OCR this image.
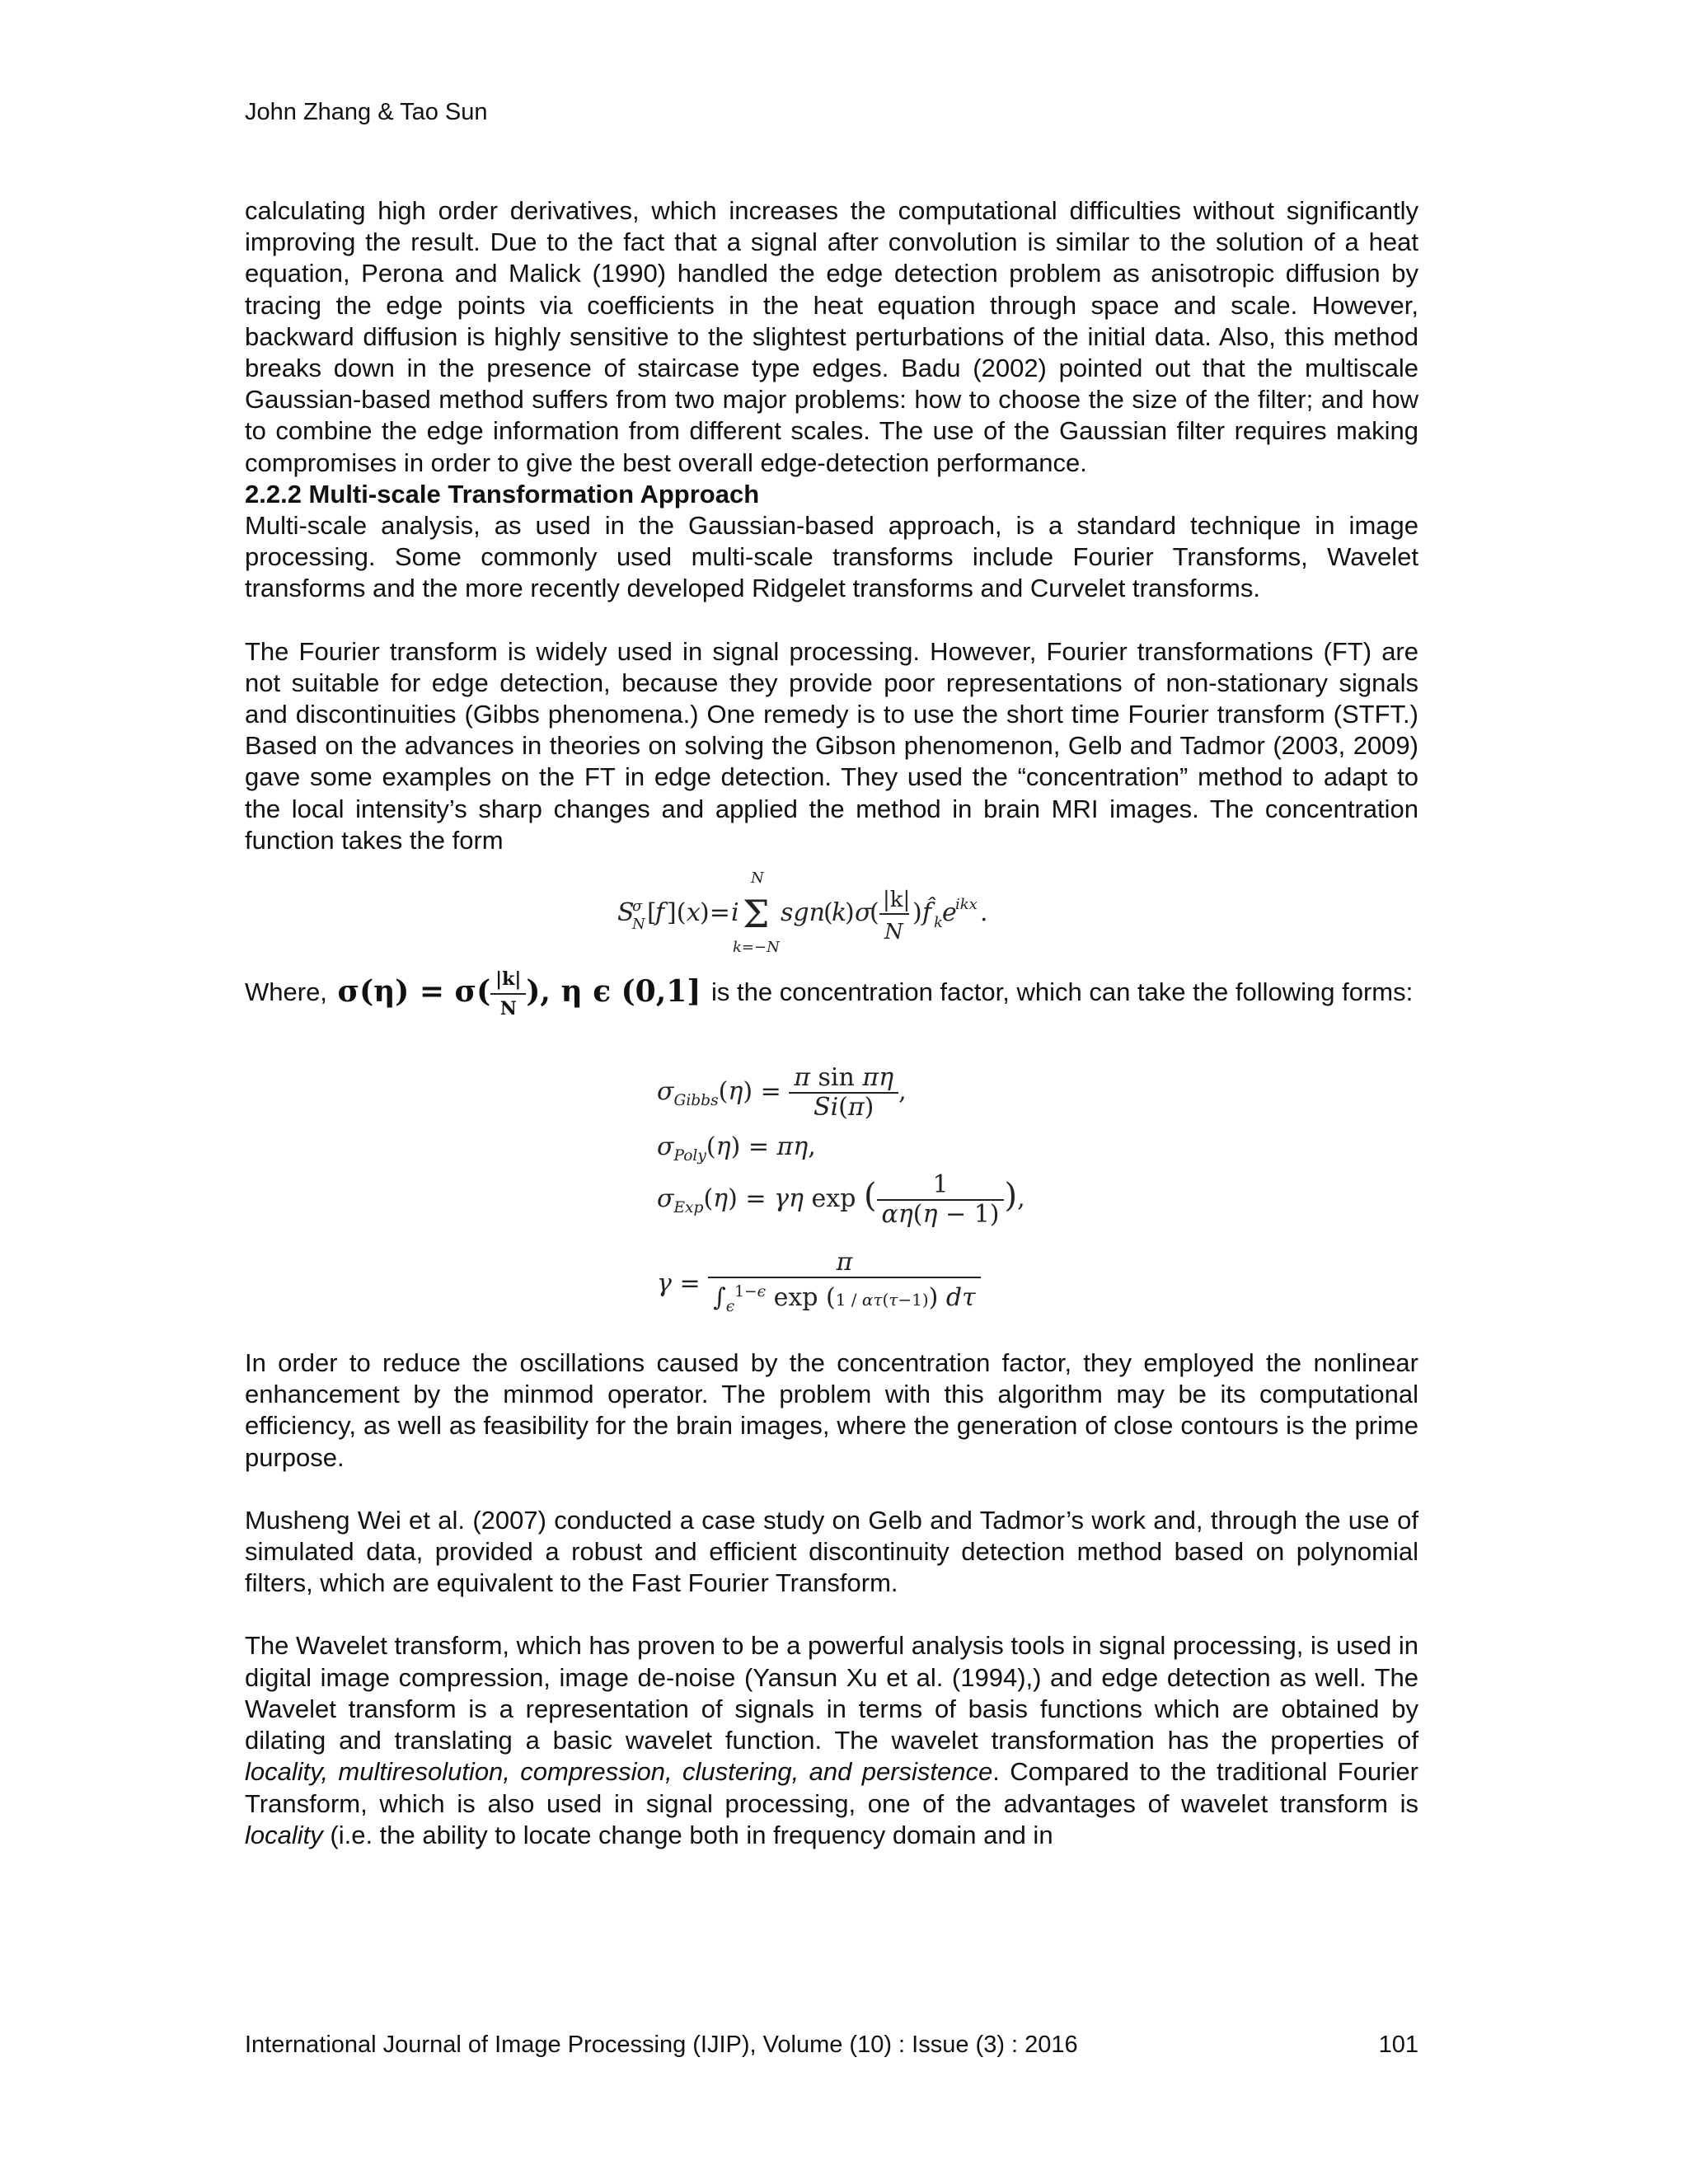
John Zhang & Tao Sun

calculating high order derivatives, which increases the computational difficulties without significantly improving the result. Due to the fact that a signal after convolution is similar to the solution of a heat equation, Perona and Malick (1990) handled the edge detection problem as anisotropic diffusion by tracing the edge points via coefficients in the heat equation through space and scale. However, backward diffusion is highly sensitive to the slightest perturbations of the initial data. Also, this method breaks down in the presence of staircase type edges. Badu (2002) pointed out that the multiscale Gaussian-based method suffers from two major problems: how to choose the size of the filter; and how to combine the edge information from different scales. The use of the Gaussian filter requires making compromises in order to give the best overall edge-detection performance.

2.2.2 Multi-scale Transformation Approach

Multi-scale analysis, as used in the Gaussian-based approach, is a standard technique in image processing. Some commonly used multi-scale transforms include Fourier Transforms, Wavelet transforms and the more recently developed Ridgelet transforms and Curvelet transforms.

The Fourier transform is widely used in signal processing. However, Fourier transformations (FT) are not suitable for edge detection, because they provide poor representations of non-stationary signals and discontinuities (Gibbs phenomena.) One remedy is to use the short time Fourier transform (STFT.) Based on the advances in theories on solving the Gibson phenomenon, Gelb and Tadmor (2003, 2009) gave some examples on the FT in edge detection. They used the “concentration” method to adapt to the local intensity’s sharp changes and applied the method in brain MRI images. The concentration function takes the form

S
σ
N [
f ]( x )= i Σ
N
k=−N
sgn
(
k
) σ
( |k|
N
) f̂ k e
ikx .

Where, $\sigma(\eta) = \sigma( \frac{|k|}{N}$ ), η ϵ (0,1] is the concentration factor, which can take the following forms:

$\sigma_{Gibbs}(\eta) = \frac{\text{π sin πη}}{Si(\pi)}$ ,
$\sigma_{Poly}(\eta) = \pi\eta$,
$\sigma_{Exp}(\eta) = \gamma\eta$ exp ( $\frac{1}{\alpha\eta(\eta - 1)}$ ),
$\gamma = \frac{\pi}{\int_\epsilon^{1-\epsilon} \exp (1 / \alpha\tau(\tau-1)) d\tau}$

In order to reduce the oscillations caused by the concentration factor, they employed the nonlinear enhancement by the minmod operator. The problem with this algorithm may be its computational efficiency, as well as feasibility for the brain images, where the generation of close contours is the prime purpose.

Musheng Wei et al. (2007) conducted a case study on Gelb and Tadmor’s work and, through the use of simulated data, provided a robust and efficient discontinuity detection method based on polynomial filters, which are equivalent to the Fast Fourier Transform.

The Wavelet transform, which has proven to be a powerful analysis tools in signal processing, is used in digital image compression, image de-noise (Yansun Xu et al. (1994),) and edge detection as well. The Wavelet transform is a representation of signals in terms of basis functions which are obtained by dilating and translating a basic wavelet function. The wavelet transformation has the properties of locality, multiresolution, compression, clustering, and persistence. Compared to the traditional Fourier Transform, which is also used in signal processing, one of the advantages of wavelet transform is locality (i.e. the ability to locate change both in frequency domain and in

International Journal of Image Processing (IJIP), Volume (10) : Issue (3) : 2016	101
